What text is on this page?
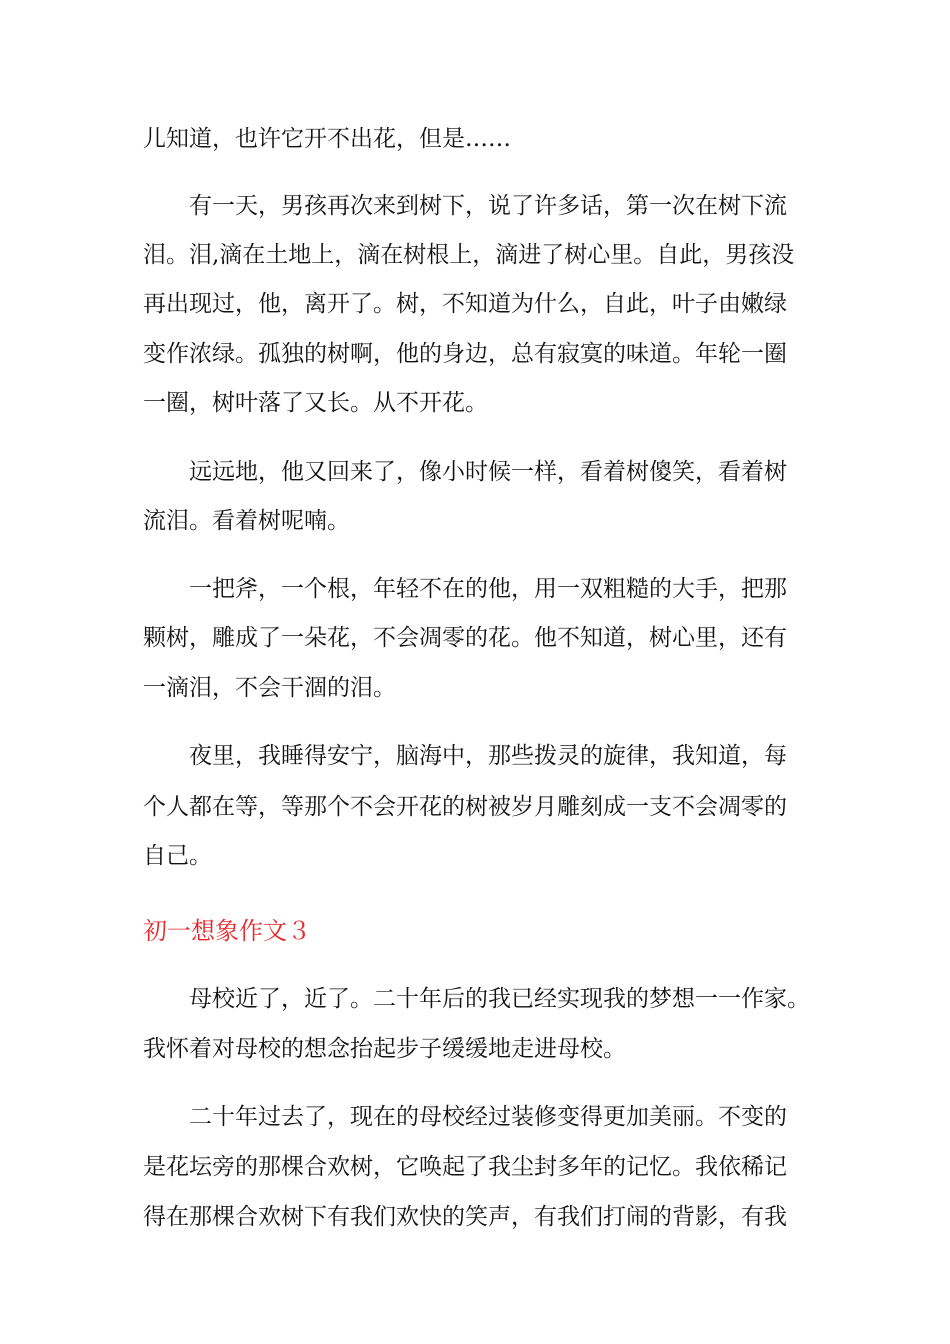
儿知道，也许它开不出花，但是……
有一天，男孩再次来到树下，说了许多话，第一次在树下流
泪。泪,滴在土地上，滴在树根上，滴进了树心里。自此，男孩没
再出现过，他，离开了。树，不知道为什么，自此，叶子由嫩绿
变作浓绿。孤独的树啊，他的身边，总有寂寞的味道。年轮一圈
一圈，树叶落了又长。从不开花。
远远地，他又回来了，像小时候一样，看着树傻笑，看着树
流泪。看着树呢喃。
一把斧，一个根，年轻不在的他，用一双粗糙的大手，把那
颗树，雕成了一朵花，不会凋零的花。他不知道，树心里，还有
一滴泪，不会干涸的泪。
夜里，我睡得安宁，脑海中，那些拨灵的旋律，我知道，每
个人都在等，等那个不会开花的树被岁月雕刻成一支不会凋零的
自己。
初一想象作文３
母校近了，近了。二十年后的我已经实现我的梦想一一作家。
我怀着对母校的想念抬起步子缓缓地走进母校。
二十年过去了，现在的母校经过装修变得更加美丽。不变的
是花坛旁的那棵合欢树，它唤起了我尘封多年的记忆。我依稀记
得在那棵合欢树下有我们欢快的笑声，有我们打闹的背影，有我
